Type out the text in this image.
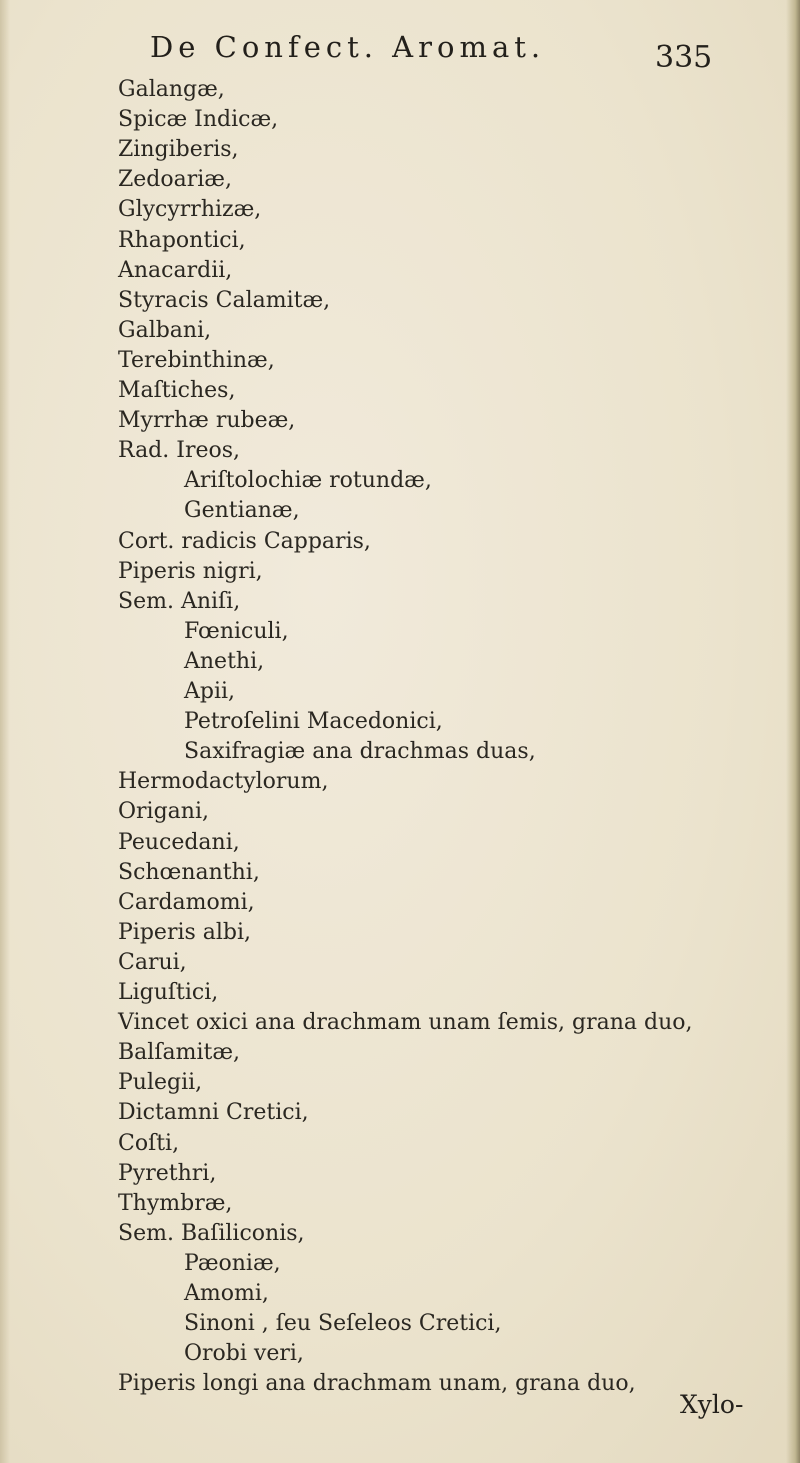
De Confect. Aromat.	335
Galangæ,
Spicæ Indicæ,
Zingiberis,
Zedoariæ,
Glycyrrhizæ,
Rhapontici,
Anacardii,
Styracis Calamitæ,
Galbani,
Terebinthinæ,
Maſtiches,
Myrrhæ rubeæ,
Rad. Ireos,
Ariſtolochiæ rotundæ,
Gentianæ,
Cort. radicis Capparis,
Piperis nigri,
Sem. Aniſi,
Fœniculi,
Anethi,
Apii,
Petroſelini Macedonici,
Saxifragiæ ana drachmas duas,
Hermodactylorum,
Origani,
Peucedani,
Schœnanthi,
Cardamomi,
Piperis albi,
Carui,
Liguſtici,
Vincet oxici ana drachmam unam ſemis, grana duo,
Balſamitæ,
Pulegii,
Dictamni Cretici,
Coſti,
Pyrethri,
Thymbræ,
Sem. Baſiliconis,
Pæoniæ,
Amomi,
Sinoni , ſeu Seſeleos Cretici,
Orobi veri,
Piperis longi ana drachmam unam, grana duo,
Xylo-
